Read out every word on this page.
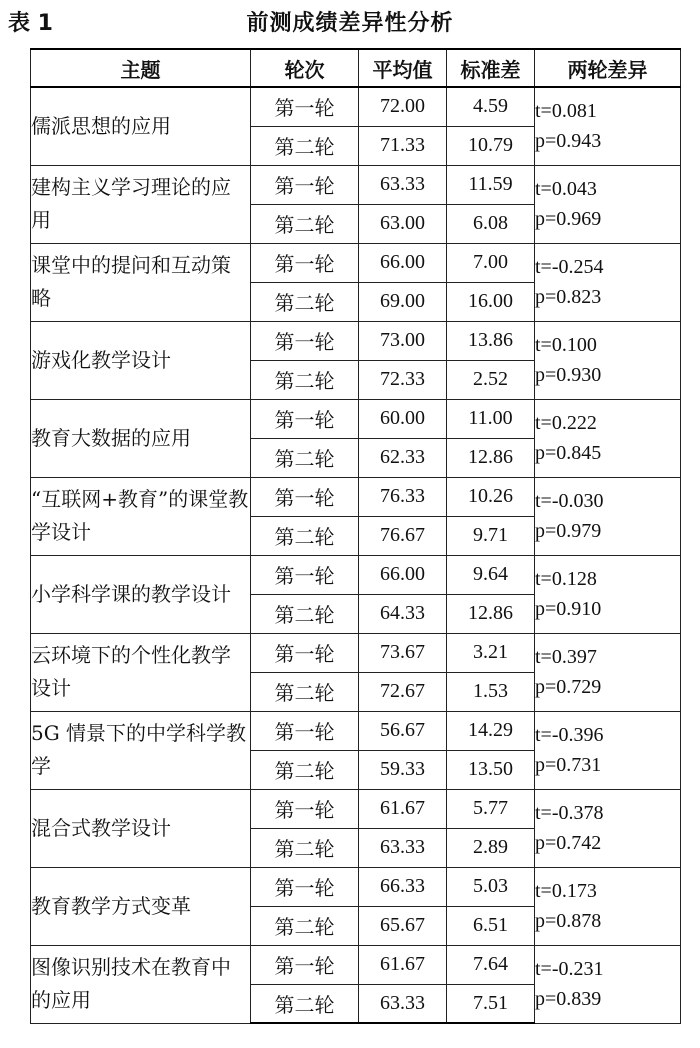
表 1	前测成绩差异性分析
主题	轮次	平均值	标准差	两轮差异
儒派思想的应用	第一轮	72.00	4.59	t=0.081
p=0.943

	第二轮	71.33	10.79	
建构主义学习理论的应用	第一轮	63.33	11.59	t=0.043
p=0.969

	第二轮	63.00	6.08	
课堂中的提问和互动策略	第一轮	66.00	7.00	t=-0.254
p=0.823

	第二轮	69.00	16.00	
游戏化教学设计	第一轮	73.00	13.86	t=0.100
p=0.930

	第二轮	72.33	2.52	
教育大数据的应用	第一轮	60.00	11.00	t=0.222
p=0.845

	第二轮	62.33	12.86	
“互联网+教育”的课堂教学设计	第一轮	76.33	10.26	t=-0.030
p=0.979

	第二轮	76.67	9.71	
小学科学课的教学设计	第一轮	66.00	9.64	t=0.128
p=0.910

	第二轮	64.33	12.86	
云环境下的个性化教学设计	第一轮	73.67	3.21	t=0.397
p=0.729

	第二轮	72.67	1.53	
5G 情景下的中学科学教学	第一轮	56.67	14.29	t=-0.396
p=0.731

	第二轮	59.33	13.50	
混合式教学设计	第一轮	61.67	5.77	t=-0.378
p=0.742

	第二轮	63.33	2.89	
教育教学方式变革	第一轮	66.33	5.03	t=0.173
p=0.878

	第二轮	65.67	6.51	
图像识别技术在教育中的应用	第一轮	61.67	7.64	t=-0.231
p=0.839

	第二轮	63.33	7.51	
